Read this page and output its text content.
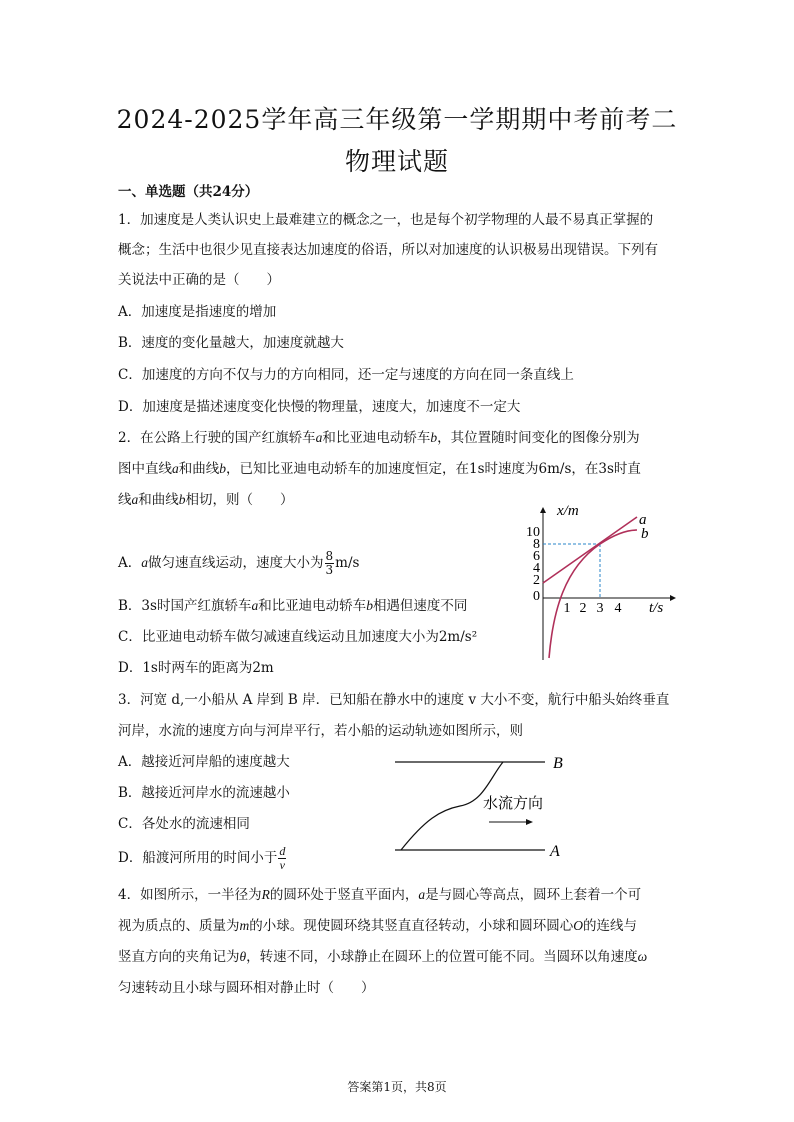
2024-2025学年高三年级第一学期期中考前考二
物理试题
一、单选题（共24分）
1．加速度是人类认识史上最难建立的概念之一，也是每个初学物理的人最不易真正掌握的
概念；生活中也很少见直接表达加速度的俗语，所以对加速度的认识极易出现错误。下列有
关说法中正确的是（　　）
A．加速度是指速度的增加
B．速度的变化量越大，加速度就越大
C．加速度的方向不仅与力的方向相同，还一定与速度的方向在同一条直线上
D．加速度是描述速度变化快慢的物理量，速度大，加速度不一定大
2．在公路上行驶的国产红旗轿车a和比亚迪电动轿车b，其位置随时间变化的图像分别为
图中直线a和曲线b，已知比亚迪电动轿车的加速度恒定，在1s时速度为6m/s，在3s时直
线a和曲线b相切，则（　　）
A．a做匀速直线运动，速度大小为 $\frac{8}{3} m/s$
B．3s时国产红旗轿车a和比亚迪电动轿车b相遇但速度不同
C．比亚迪电动轿车做匀减速直线运动且加速度大小为2m/s²
D．1s时两车的距离为2m
x/m
t/s
10
8
6
4
2
0
1 2 3 4
a
b
3．河宽 d,一小船从 A 岸到 B 岸．已知船在静水中的速度 v 大小不变，航行中船头始终垂直
河岸，水流的速度方向与河岸平行，若小船的运动轨迹如图所示，则
A．越接近河岸船的速度越大
B．越接近河岸水的流速越小
C．各处水的流速相同
D．船渡河所用的时间小于 $\frac{d}{v}$
B
A
水流方向
4．如图所示，一半径为R的圆环处于竖直平面内，a是与圆心等高点，圆环上套着一个可
视为质点的、质量为m的小球。现使圆环绕其竖直直径转动，小球和圆环圆心O的连线与
竖直方向的夹角记为θ，转速不同，小球静止在圆环上的位置可能不同。当圆环以角速度ω
匀速转动且小球与圆环相对静止时（　　）
答案第1页，共8页
